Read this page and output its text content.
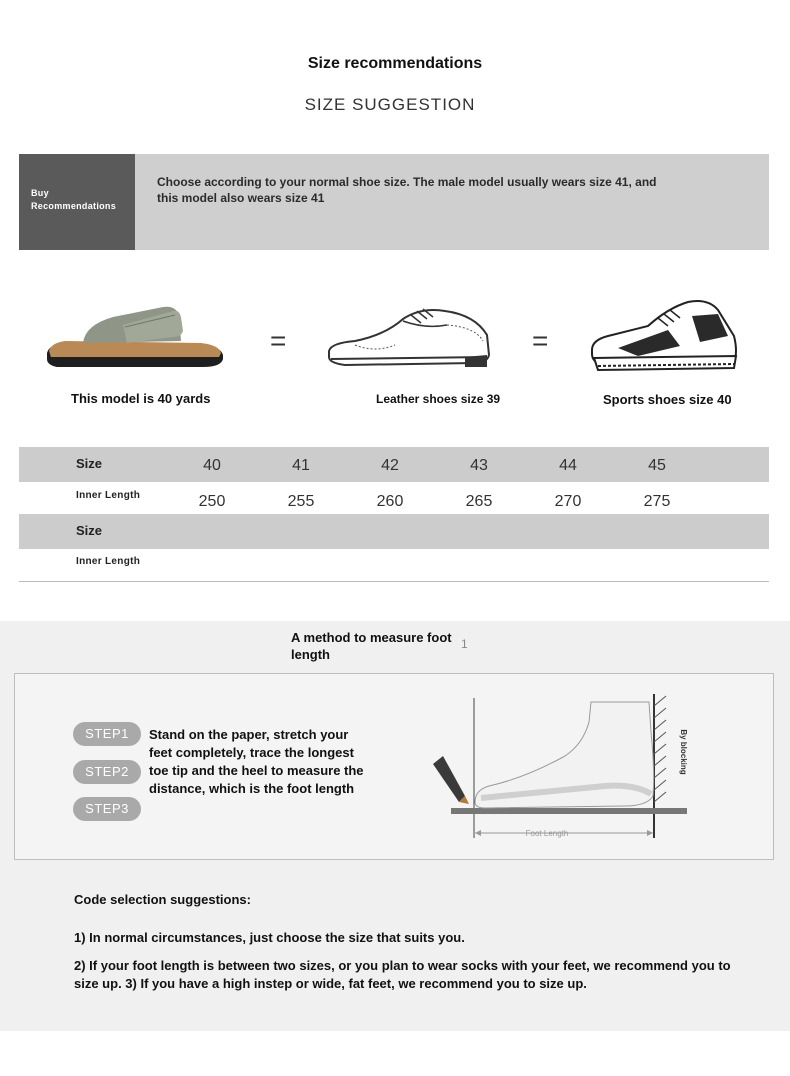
Size recommendations
SIZE SUGGESTION
Buy
Recommendations
Choose according to your normal shoe size. The male model usually wears size 41, and this model also wears size 41
=	=
This model is 40 yards	Leather shoes size 39	Sports shoes size 40
Size	40	41	42	43	44	45
Inner Length	250	255	260	265	270	275
Size
Inner Length
A method to measure foot length
1
STEP1
STEP2
STEP3
Stand on the paper, stretch your feet completely, trace the longest toe tip and the heel to measure the distance, which is the foot length
Foot Length
By blocking
Code selection suggestions:
1) In normal circumstances, just choose the size that suits you.
2) If your foot length is between two sizes, or you plan to wear socks with your feet, we recommend you to size up. 3) If you have a high instep or wide, fat feet, we recommend you to size up.
